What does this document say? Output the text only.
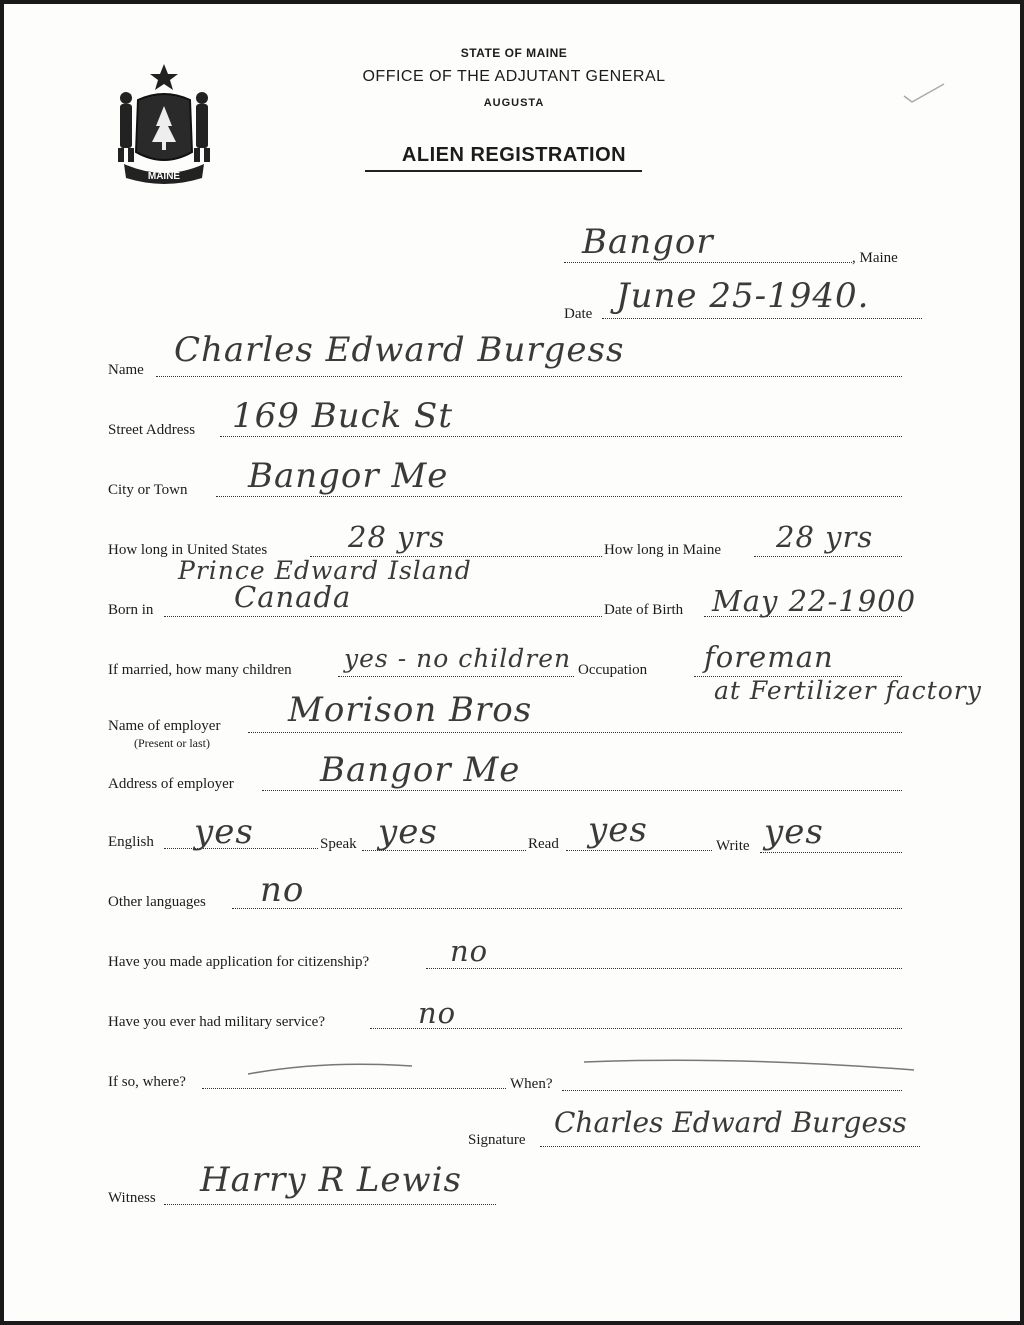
MAINE
STATE OF MAINE
OFFICE OF THE ADJUTANT GENERAL
AUGUSTA
ALIEN REGISTRATION
Bangor	, Maine
Date June 25-1940.
Name Charles Edward Burgess
Street Address 169 Buck St
City or Town Bangor Me
How long in United States	28 yrs	How long in Maine 28 yrs
Prince Edward Island
Born in	Canada	Date of Birth May 22-1900
If married, how many children yes - no children Occupation foreman
at Fertilizer factory
Name of employer
(Present or last)
Morison Bros
Address of employer	Bangor Me
English yes	Speak yes	Read yes	Write yes
Other languages no
Have you made application for citizenship?	no
Have you ever had military service?	no
If so, where?	When?
Signature
Charles Edward Burgess
Witness Harry R Lewis
